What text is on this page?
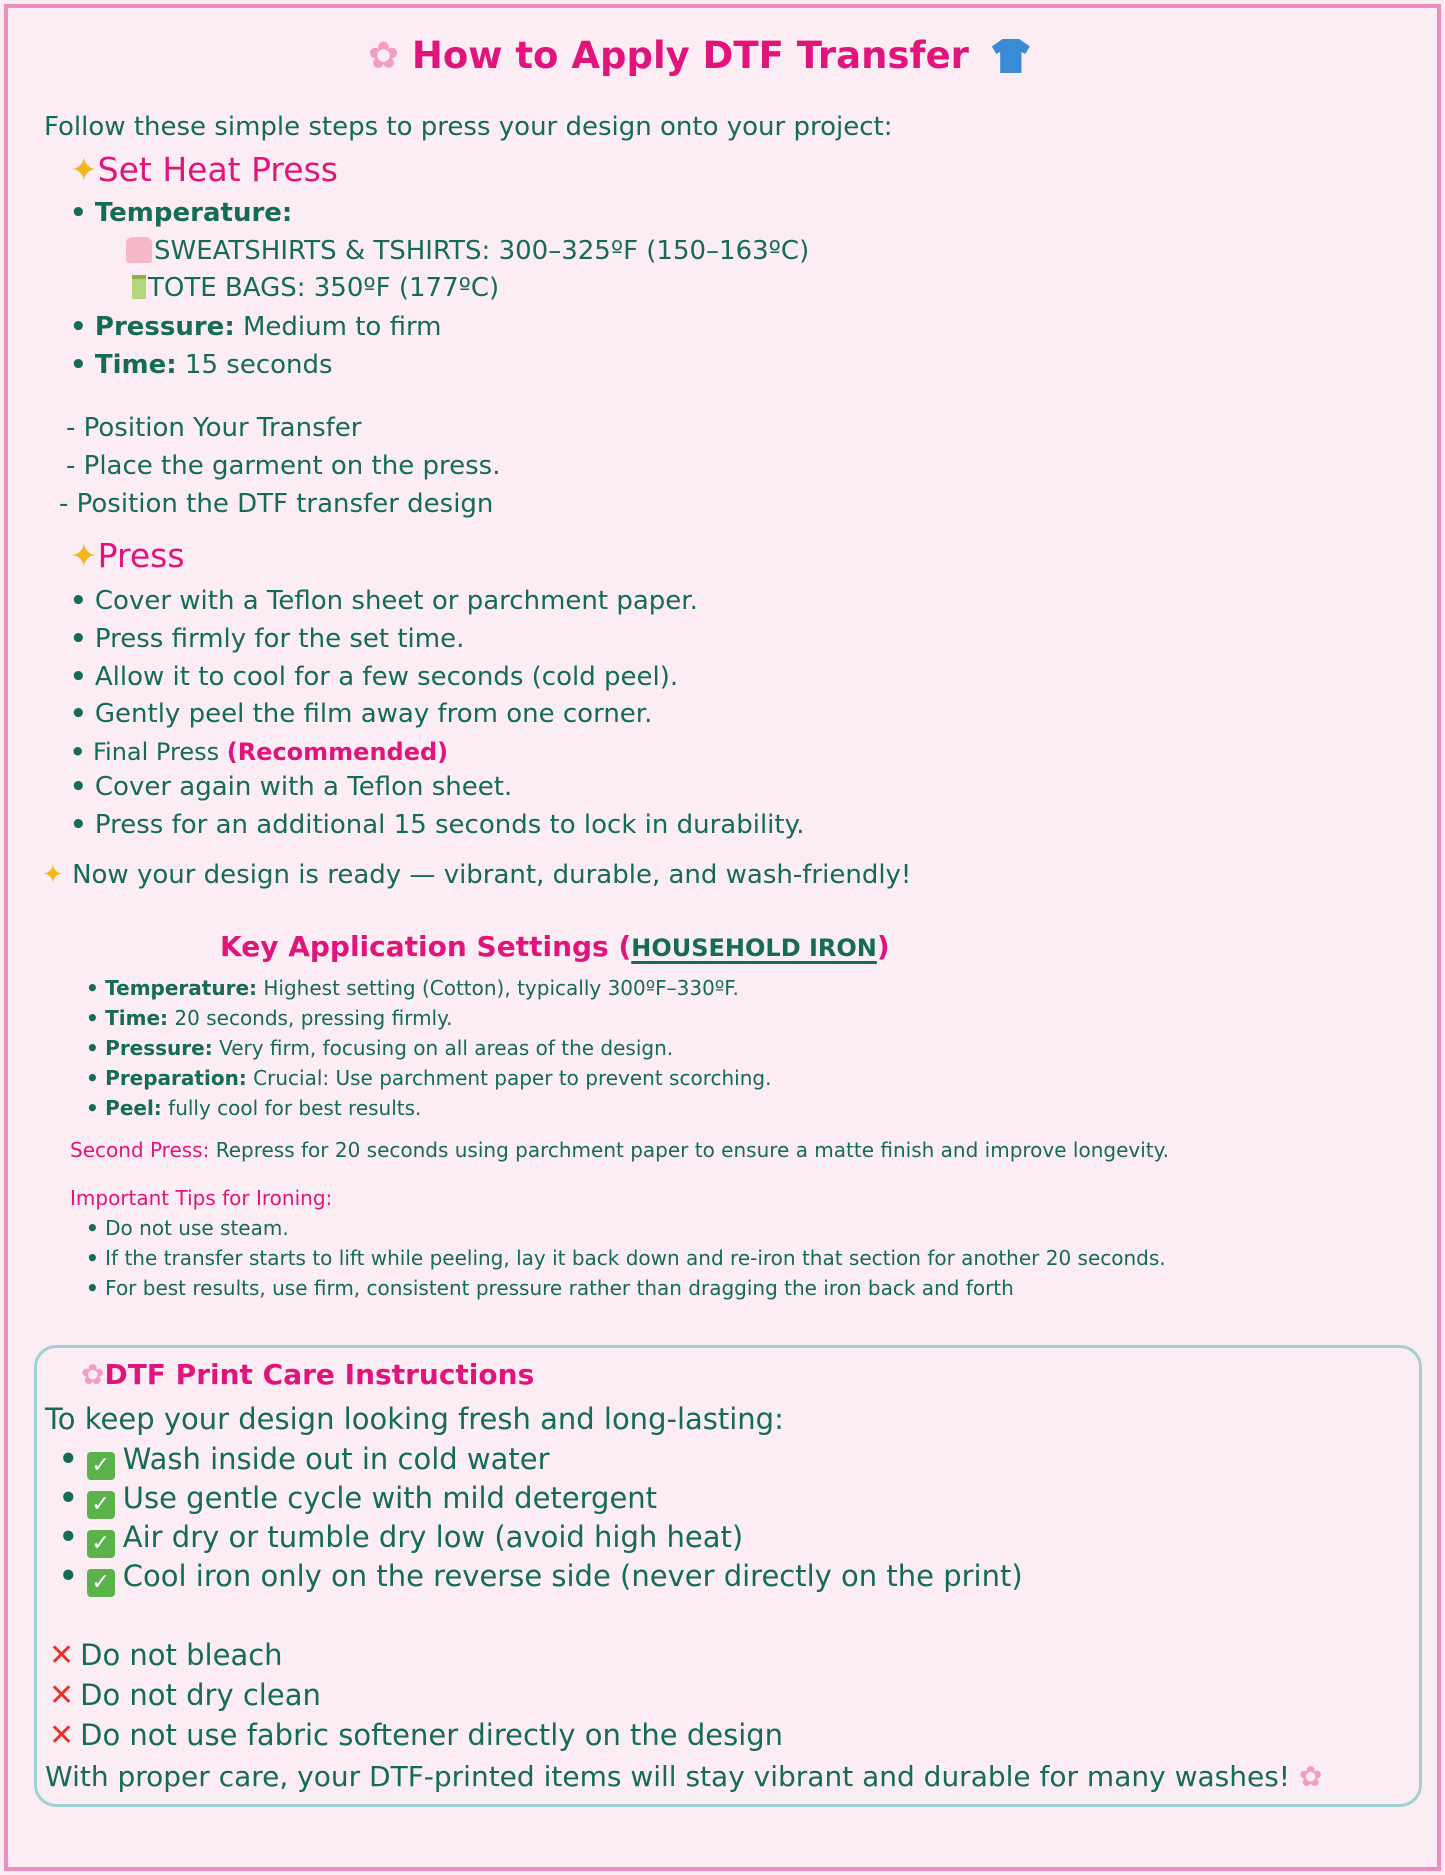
✿ How to Apply DTF Transfer
Follow these simple steps to press your design onto your project:
✦Set Heat Press
• Temperature:
SWEATSHIRTS & TSHIRTS: 300–325ºF (150–163ºC)
TOTE BAGS: 350ºF (177ºC)
• Pressure: Medium to firm
• Time: 15 seconds
- Position Your Transfer
- Place the garment on the press.
- Position the DTF transfer design
✦Press
• Cover with a Teflon sheet or parchment paper.
• Press firmly for the set time.
• Allow it to cool for a few seconds (cold peel).
• Gently peel the film away from one corner.
• Final Press (Recommended)
• Cover again with a Teflon sheet.
• Press for an additional 15 seconds to lock in durability.
✦ Now your design is ready — vibrant, durable, and wash-friendly!
Key Application Settings (HOUSEHOLD IRON)
• Temperature: Highest setting (Cotton), typically 300ºF–330ºF.
• Time: 20 seconds, pressing firmly.
• Pressure: Very firm, focusing on all areas of the design.
• Preparation: Crucial: Use parchment paper to prevent scorching.
• Peel: fully cool for best results.
Second Press: Repress for 20 seconds using parchment paper to ensure a matte finish and improve longevity.
Important Tips for Ironing:
• Do not use steam.
• If the transfer starts to lift while peeling, lay it back down and re-iron that section for another 20 seconds.
• For best results, use firm, consistent pressure rather than dragging the iron back and forth
✿DTF Print Care Instructions
To keep your design looking fresh and long-lasting:
• ✓ Wash inside out in cold water
• ✓ Use gentle cycle with mild detergent
• ✓ Air dry or tumble dry low (avoid high heat)
• ✓ Cool iron only on the reverse side (never directly on the print)
✕ Do not bleach
✕ Do not dry clean
✕ Do not use fabric softener directly on the design
With proper care, your DTF-printed items will stay vibrant and durable for many washes! ✿
